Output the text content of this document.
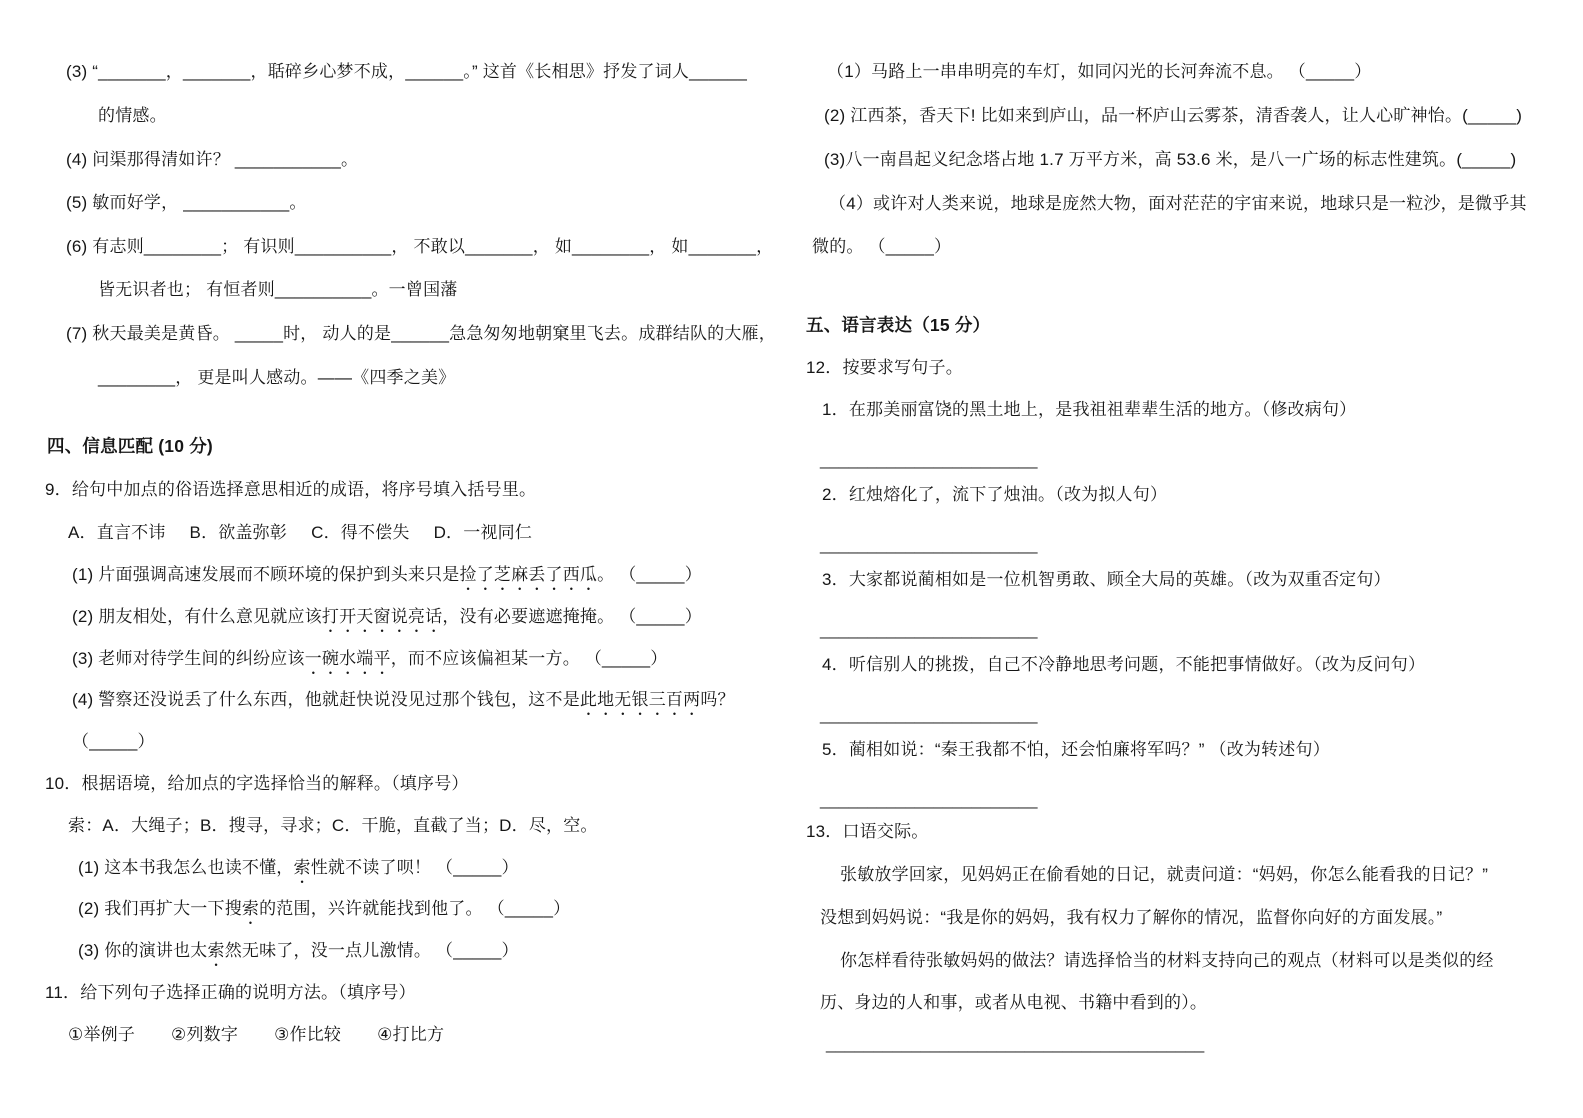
(3) “_______，_______，聒碎乡心梦不成，______。” 这首《长相思》抒发了词人______
的情感。
(4) 问渠那得清如许？ ___________。
(5) 敏而好学， ___________。
(6) 有志则________； 有识则__________， 不敢以_______， 如________， 如_______，
皆无识者也； 有恒者则__________。一曾国藩
(7) 秋天最美是黄昏。 _____时， 动人的是______急急匆匆地朝窠里飞去。成群结队的大雁，
________， 更是叫人感动。——《四季之美》
四、信息匹配 (10 分)
9．给句中加点的俗语选择意思相近的成语，将序号填入括号里。
A．直言不讳 B．欲盖弥彰 C．得不偿失 D．一视同仁
(1) 片面强调高速发展而不顾环境的保护到头来只是捡了芝麻丢了西瓜。 （_____）
(2) 朋友相处，有什么意见就应该打开天窗说亮话，没有必要遮遮掩掩。 （_____）
(3) 老师对待学生间的纠纷应该一碗水端平，而不应该偏袒某一方。 （_____）
(4) 警察还没说丢了什么东西，他就赶快说没见过那个钱包，这不是此地无银三百两吗？
（_____）
10．根据语境，给加点的字选择恰当的解释。（填序号）
索：A．大绳子；B．搜寻，寻求；C．干脆，直截了当；D．尽，空。
(1) 这本书我怎么也读不懂，索性就不读了呗！ （_____）
(2) 我们再扩大一下搜索的范围，兴许就能找到他了。 （_____）
(3) 你的演讲也太索然无味了，没一点儿激情。 （_____）
11．给下列句子选择正确的说明方法。（填序号）
①举例子 ②列数字 ③作比较 ④打比方
（1）马路上一串串明亮的车灯，如同闪光的长河奔流不息。 （_____）
(2) 江西茶，香天下! 比如来到庐山，品一杯庐山云雾茶，清香袭人，让人心旷神怡。(_____)
(3)八一南昌起义纪念塔占地 1.7 万平方米，高 53.6 米，是八一广场的标志性建筑。(_____)
（4）或许对人类来说，地球是庞然大物，面对茫茫的宇宙来说，地球只是一粒沙，是微乎其
微的。 （_____）
五、语言表达（15 分）
12．按要求写句子。
1．在那美丽富饶的黑土地上，是我祖祖辈辈生活的地方。（修改病句）
_______________________
2．红烛熔化了，流下了烛油。（改为拟人句）
_______________________
3．大家都说蔺相如是一位机智勇敢、顾全大局的英雄。（改为双重否定句）
_______________________
4．听信别人的挑拨，自己不冷静地思考问题，不能把事情做好。（改为反问句）
_______________________
5．蔺相如说：“秦王我都不怕，还会怕廉将军吗？” （改为转述句）
_______________________
13．口语交际。
张敏放学回家，见妈妈正在偷看她的日记，就责问道：“妈妈，你怎么能看我的日记？”
没想到妈妈说：“我是你的妈妈，我有权力了解你的情况，监督你向好的方面发展。”
你怎样看待张敏妈妈的做法？请选择恰当的材料支持向己的观点（材料可以是类似的经
历、身边的人和事，或者从电视、书籍中看到的）。
________________________________________
